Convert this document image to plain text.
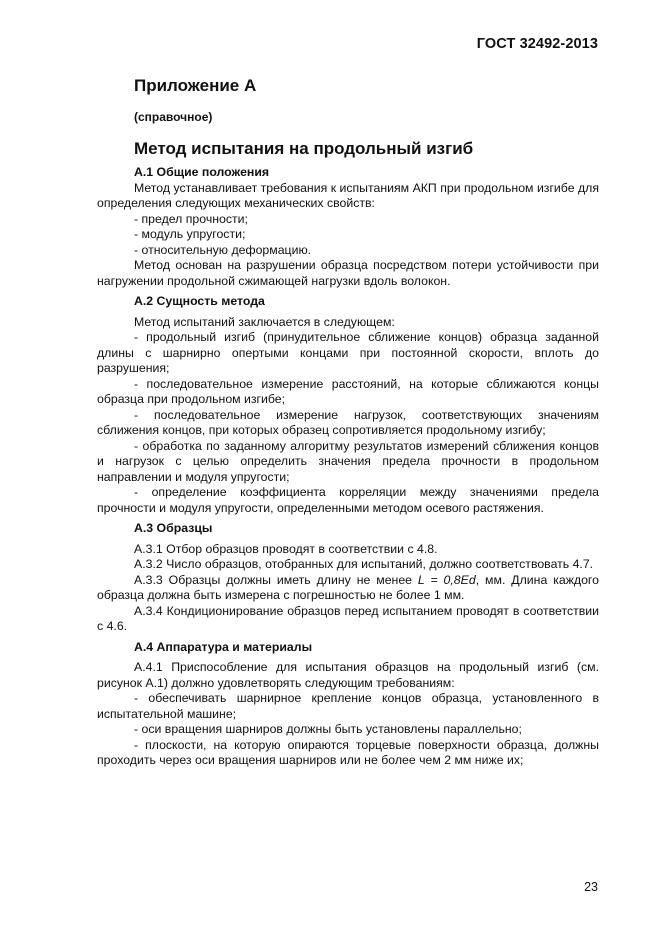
ГОСТ 32492-2013
Приложение А
(справочное)
Метод испытания на продольный изгиб
А.1 Общие положения

Метод устанавливает требования к испытаниям АКП при продольном изгибе для определения следующих механических свойств:

- предел прочности;

- модуль упругости;

- относительную деформацию.

Метод основан на разрушении образца посредством потери устойчивости при нагружении продольной сжимающей нагрузки вдоль волокон.

А.2 Сущность метода

Метод испытаний заключается в следующем:

- продольный изгиб (принудительное сближение концов) образца заданной длины с шарнирно опертыми концами при постоянной скорости, вплоть до разрушения;

- последовательное измерение расстояний, на которые сближаются концы образца при продольном изгибе;

- последовательное измерение нагрузок, соответствующих значениям сближения концов, при которых образец сопротивляется продольному изгибу;

- обработка по заданному алгоритму результатов измерений сближения концов и нагрузок с целью определить значения предела прочности в продольном направлении и модуля упругости;

- определение коэффициента корреляции между значениями предела прочности и модуля упругости, определенными методом осевого растяжения.

А.3 Образцы

А.3.1 Отбор образцов проводят в соответствии с 4.8.

А.3.2 Число образцов, отобранных для испытаний, должно соответствовать 4.7.

А.3.3 Образцы должны иметь длину не менее L = 0,8Ed, мм. Длина каждого образца должна быть измерена с погрешностью не более 1 мм.

А.3.4 Кондиционирование образцов перед испытанием проводят в соответствии с 4.6.

А.4 Аппаратура и материалы

А.4.1 Приспособление для испытания образцов на продольный изгиб (см. рисунок А.1) должно удовлетворять следующим требованиям:

- обеспечивать шарнирное крепление концов образца, установленного в испытательной машине;

- оси вращения шарниров должны быть установлены параллельно;

- плоскости, на которую опираются торцевые поверхности образца, должны проходить через оси вращения шарниров или не более чем 2 мм ниже их;

23
